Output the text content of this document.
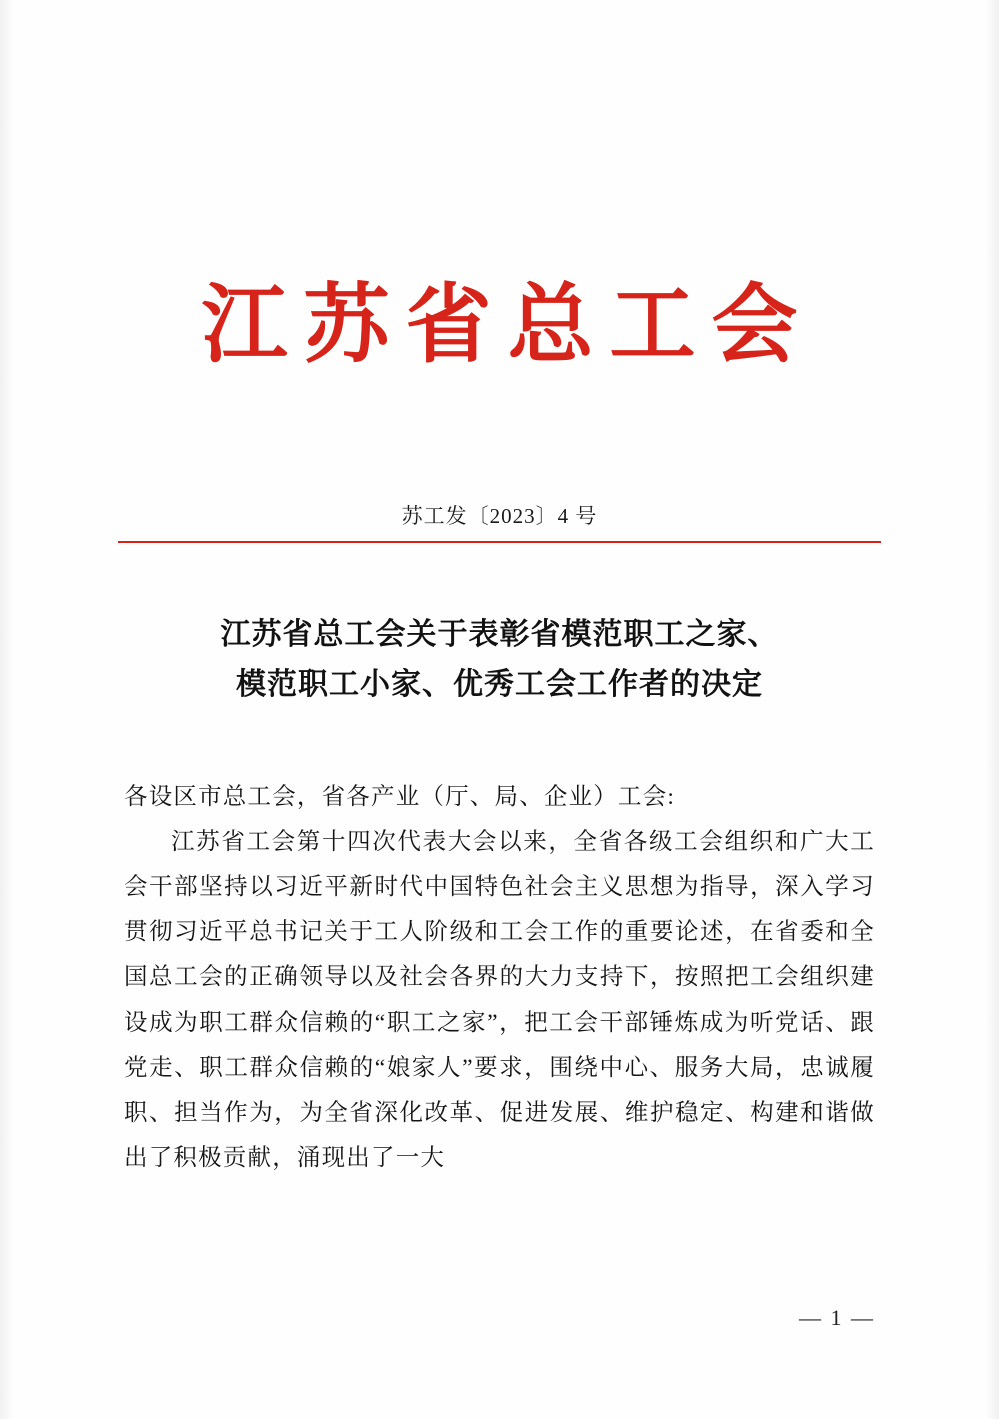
江苏省总工会
苏工发〔2023〕4 号
江苏省总工会关于表彰省模范职工之家、
模范职工小家、优秀工会工作者的决定

各设区市总工会，省各产业（厅、局、企业）工会:

江苏省工会第十四次代表大会以来，全省各级工会组织和广大工会干部坚持以习近平新时代中国特色社会主义思想为指导，深入学习贯彻习近平总书记关于工人阶级和工会工作的重要论述，在省委和全国总工会的正确领导以及社会各界的大力支持下，按照把工会组织建设成为职工群众信赖的“职工之家”，把工会干部锤炼成为听党话、跟党走、职工群众信赖的“娘家人”要求，围绕中心、服务大局，忠诚履职、担当作为，为全省深化改革、促进发展、维护稳定、构建和谐做出了积极贡献，涌现出了一大

— 1 —
